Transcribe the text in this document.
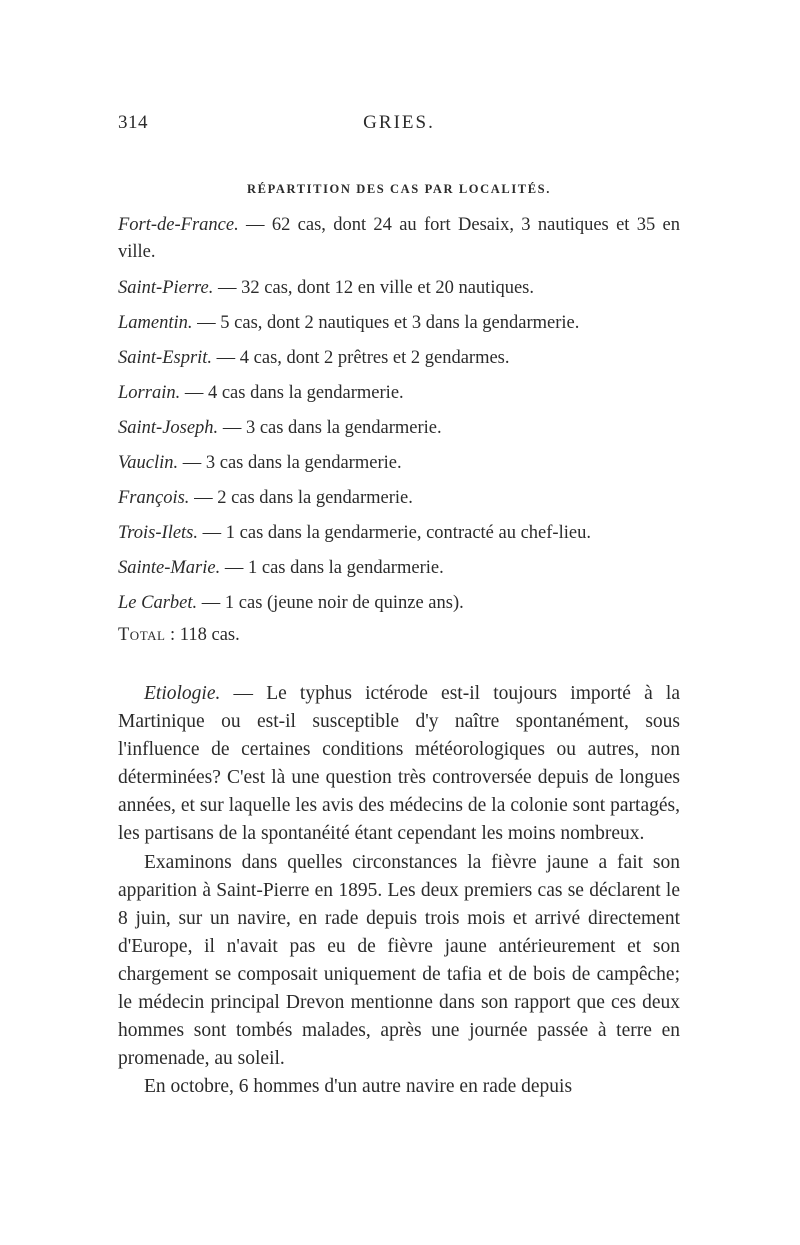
314	GRIES.
RÉPARTITION DES CAS PAR LOCALITÉS.
Fort-de-France. — 62 cas, dont 24 au fort Desaix, 3 nautiques et 35 en ville.
Saint-Pierre. — 32 cas, dont 12 en ville et 20 nautiques.
Lamentin. — 5 cas, dont 2 nautiques et 3 dans la gendarmerie.
Saint-Esprit. — 4 cas, dont 2 prêtres et 2 gendarmes.
Lorrain. — 4 cas dans la gendarmerie.
Saint-Joseph. — 3 cas dans la gendarmerie.
Vauclin. — 3 cas dans la gendarmerie.
François. — 2 cas dans la gendarmerie.
Trois-Ilets. — 1 cas dans la gendarmerie, contracté au chef-lieu.
Sainte-Marie. — 1 cas dans la gendarmerie.
Le Carbet. — 1 cas (jeune noir de quinze ans).
Total : 118 cas.

Etiologie. — Le typhus ictérode est-il toujours importé à la Martinique ou est-il susceptible d'y naître spontanément, sous l'influence de certaines conditions météorologiques ou autres, non déterminées? C'est là une question très controversée depuis de longues années, et sur laquelle les avis des médecins de la colonie sont partagés, les partisans de la spontanéité étant cependant les moins nombreux.

Examinons dans quelles circonstances la fièvre jaune a fait son apparition à Saint-Pierre en 1895. Les deux premiers cas se déclarent le 8 juin, sur un navire, en rade depuis trois mois et arrivé directement d'Europe, il n'avait pas eu de fièvre jaune antérieurement et son chargement se composait uniquement de tafia et de bois de campêche; le médecin principal Drevon mentionne dans son rapport que ces deux hommes sont tombés malades, après une journée passée à terre en promenade, au soleil.

En octobre, 6 hommes d'un autre navire en rade depuis
